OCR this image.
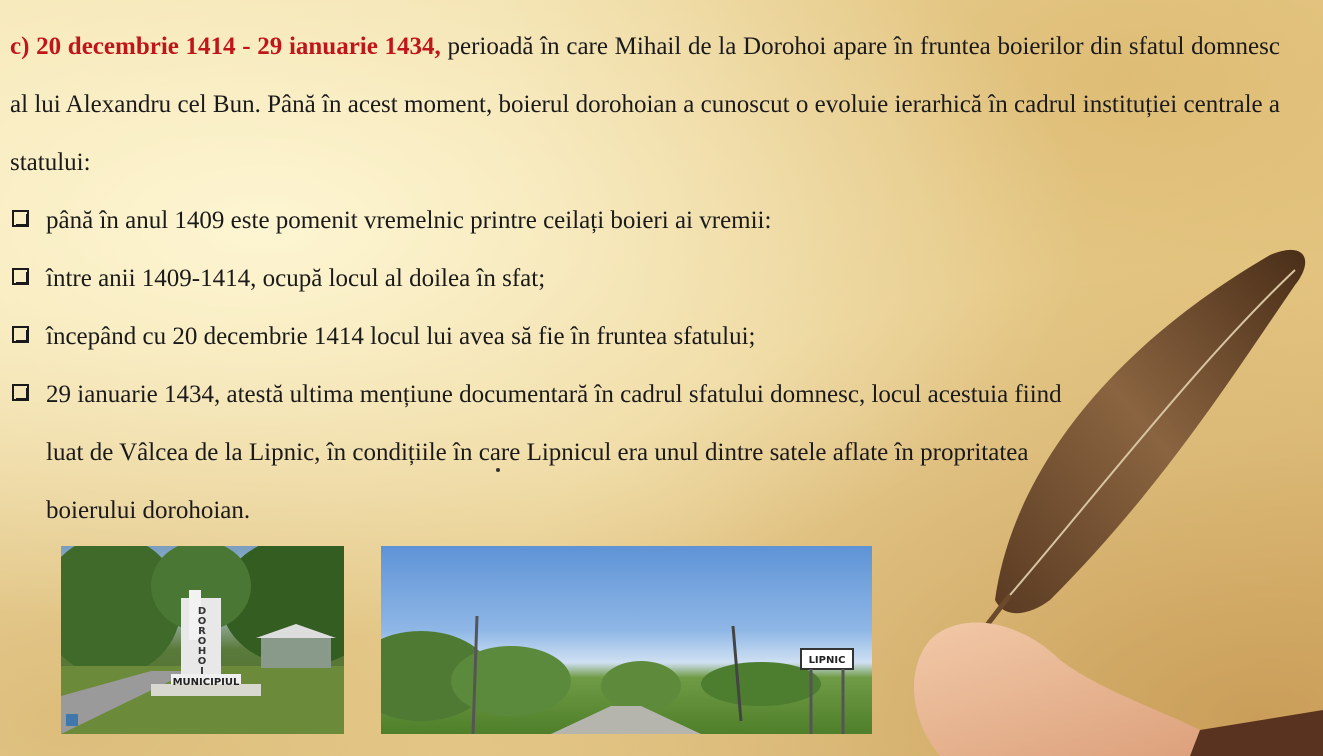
c) 20 decembrie 1414 - 29 ianuarie 1434, perioadă în care Mihail de la Dorohoi apare în fruntea boierilor din sfatul domnesc al lui Alexandru cel Bun. Până în acest moment, boierul dorohoian a cunoscut o evoluie ierarhică în cadrul instituției centrale a statului:

până în anul 1409 este pomenit vremelnic printre ceilați boieri ai vremii:
între anii 1409-1414, ocupă locul al doilea în sfat;
începând cu 20 decembrie 1414 locul lui avea să fie în fruntea sfatului;
29 ianuarie 1434, atestă ultima mențiune documentară în cadrul sfatului domnesc, locul acestuia fiind luat de Vâlcea de la Lipnic, în condițiile în care Lipnicul era unul dintre satele aflate în propritatea boierului dorohoian.
D
O
R
O
H
O
I
MUNICIPIUL
LIPNIC
